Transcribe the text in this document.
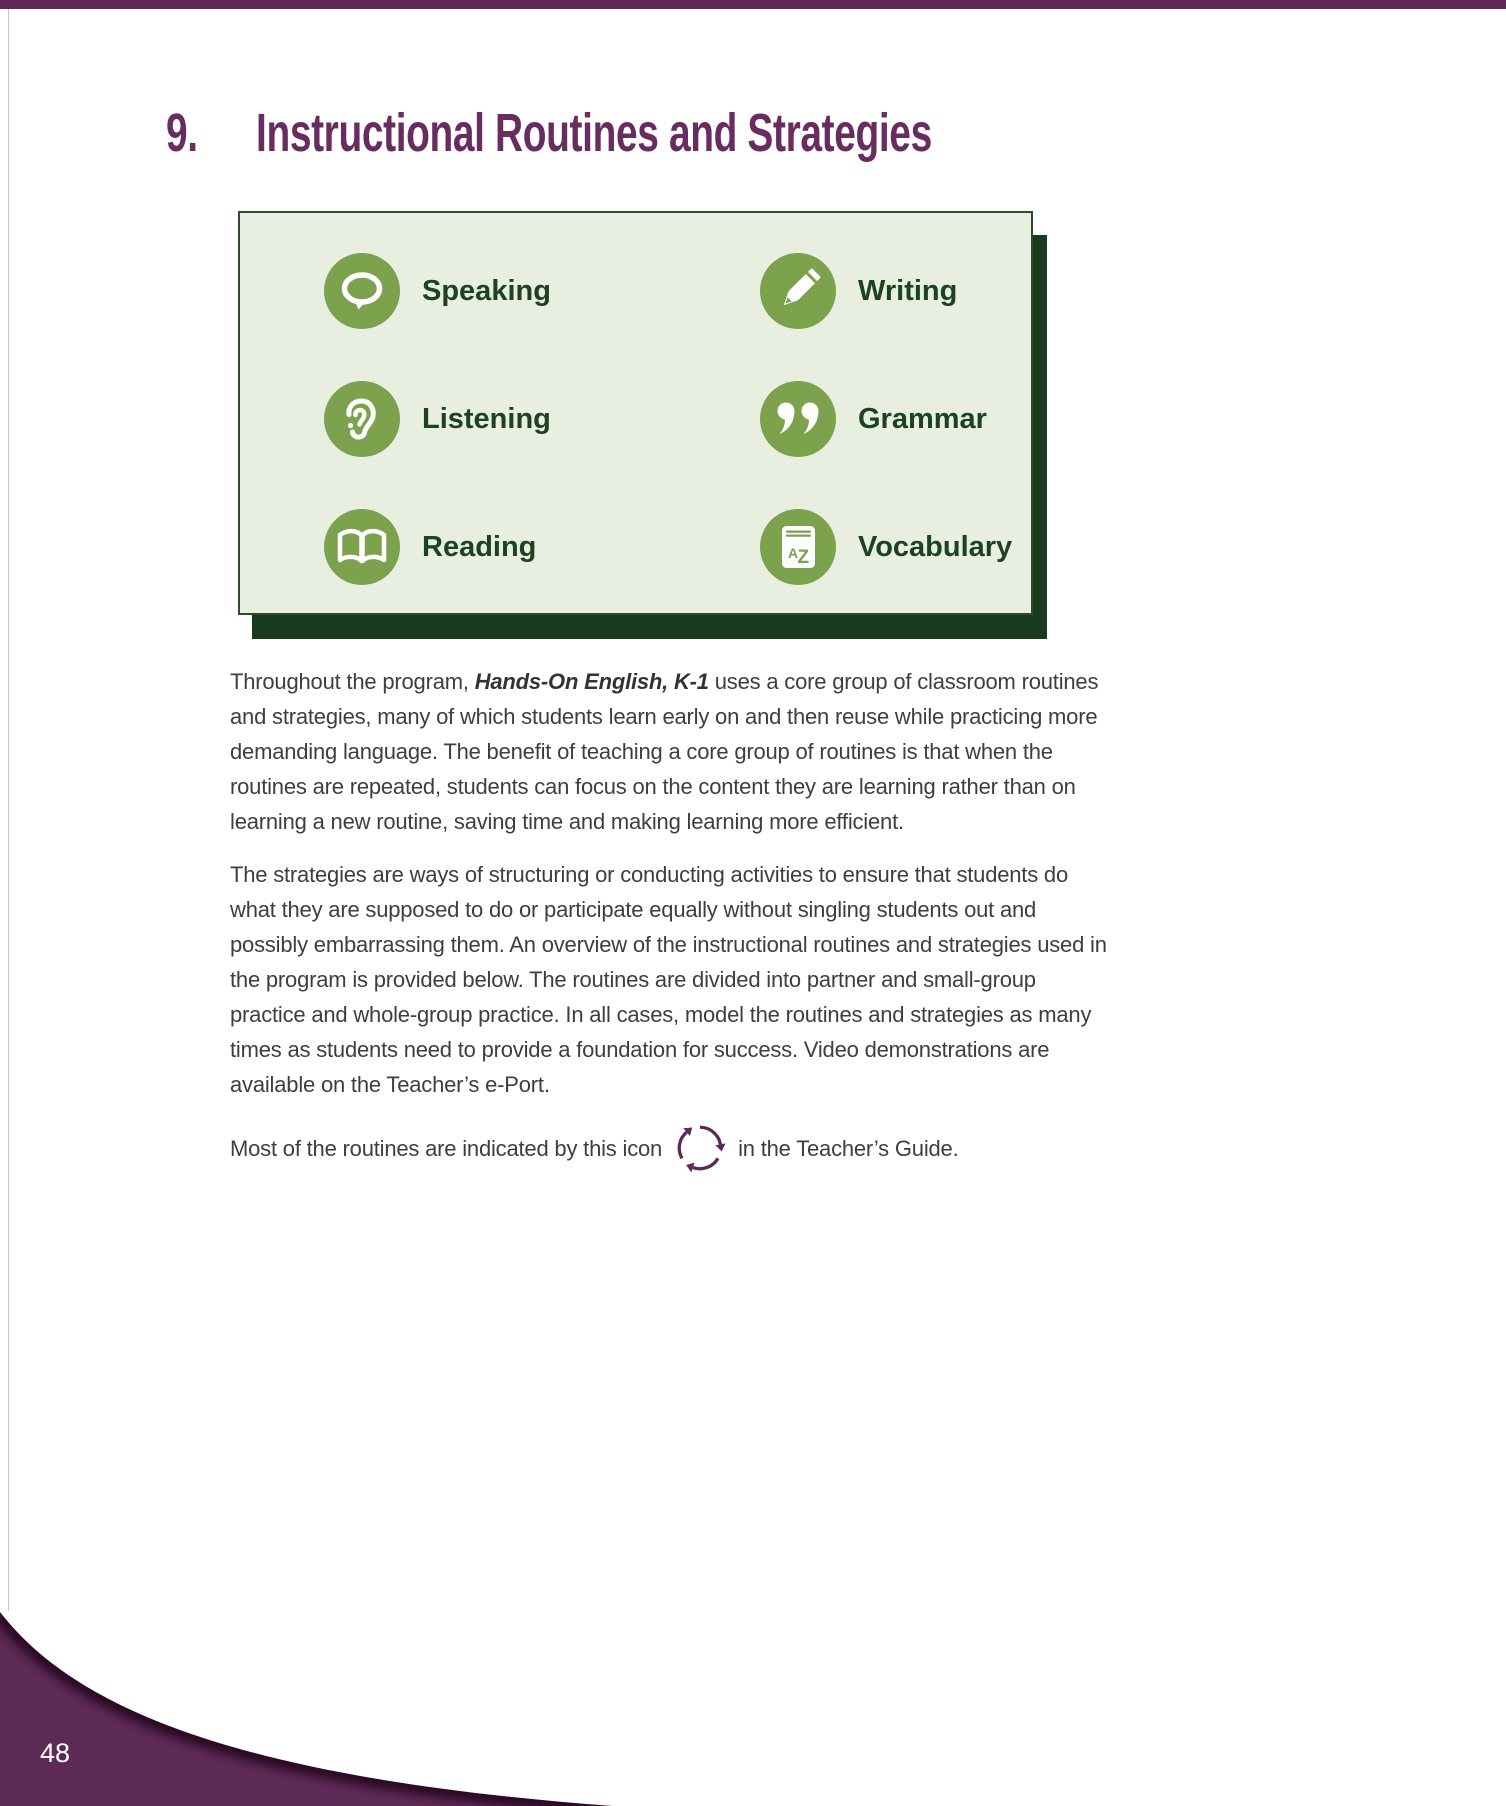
9.	Instructional Routines and Strategies
Speaking	Writing
Listening	Grammar
Reading	A Z Vocabulary

Throughout the program, Hands-On English, K-1 uses a core group of classroom routines and strategies, many of which students learn early on and then reuse while practicing more demanding language. The benefit of teaching a core group of routines is that when the routines are repeated, students can focus on the content they are learning rather than on learning a new routine, saving time and making learning more efficient.

The strategies are ways of structuring or conducting activities to ensure that students do what they are supposed to do or participate equally without singling students out and possibly embarrassing them. An overview of the instructional routines and strategies used in the program is provided below. The routines are divided into partner and small-group practice and whole-group practice. In all cases, model the routines and strategies as many times as students need to provide a foundation for success. Video demonstrations are available on the Teacher’s e-Port.

Most of the routines are indicated by this icon	in the Teacher’s Guide.

48
